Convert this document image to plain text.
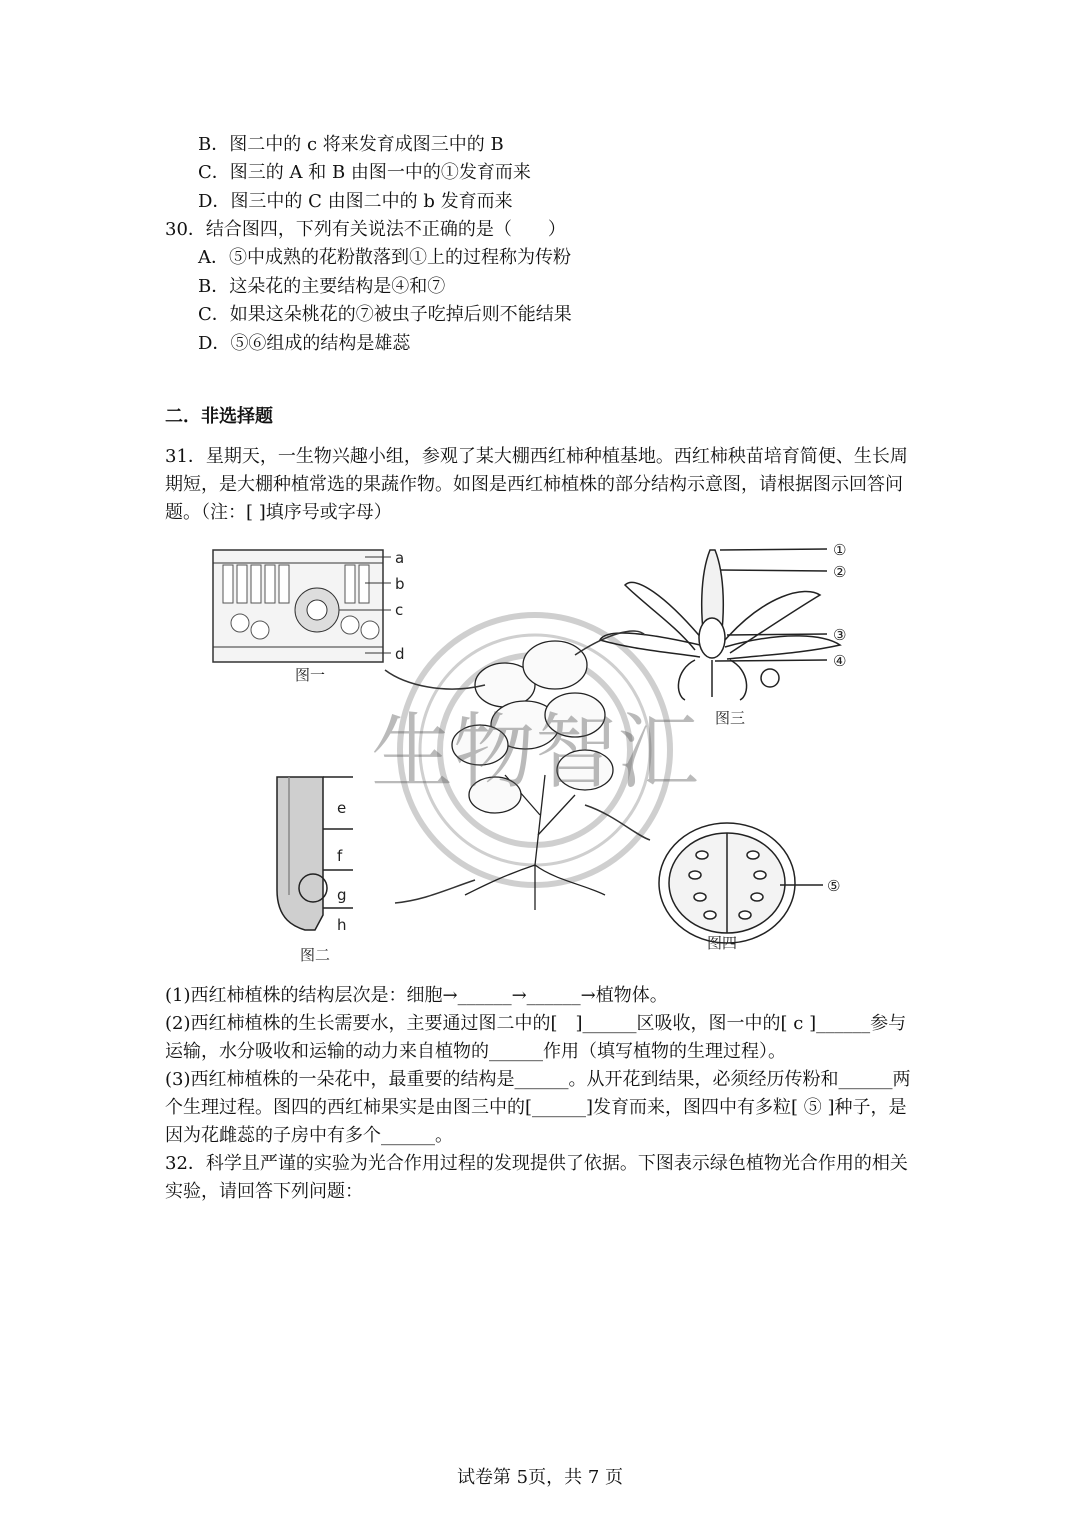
B．图二中的 c 将来发育成图三中的 B
C．图三的 A 和 B 由图一中的①发育而来
D．图三中的 C 由图二中的 b 发育而来
30．结合图四，下列有关说法不正确的是（　　）
A．⑤中成熟的花粉散落到①上的过程称为传粉
B．这朵花的主要结构是④和⑦
C．如果这朵桃花的⑦被虫子吃掉后则不能结果
D．⑤⑥组成的结构是雄蕊
二．非选择题
31．星期天，一生物兴趣小组，参观了某大棚西红柿种植基地。西红柿秧苗培育简便、生长周期短，是大棚种植常选的果蔬作物。如图是西红柿植株的部分结构示意图，请根据图示回答问题。（注：[ ]填序号或字母）
a
b
c
d
图一
①
②
③
④
图三
e
f
g
h
图二
⑤
图四
生物智汇
(1)西红柿植株的结构层次是：细胞→______→______→植物体。
(2)西红柿植株的生长需要水，主要通过图二中的[　]______区吸收，图一中的[ c ]______参与运输，水分吸收和运输的动力来自植物的______作用（填写植物的生理过程）。
(3)西红柿植株的一朵花中，最重要的结构是______。从开花到结果，必须经历传粉和______两个生理过程。图四的西红柿果实是由图三中的[______]发育而来，图四中有多粒[ ⑤ ]种子，是因为花雌蕊的子房中有多个______。
32．科学且严谨的实验为光合作用过程的发现提供了依据。下图表示绿色植物光合作用的相关实验，请回答下列问题：
试卷第 5页，共 7 页
